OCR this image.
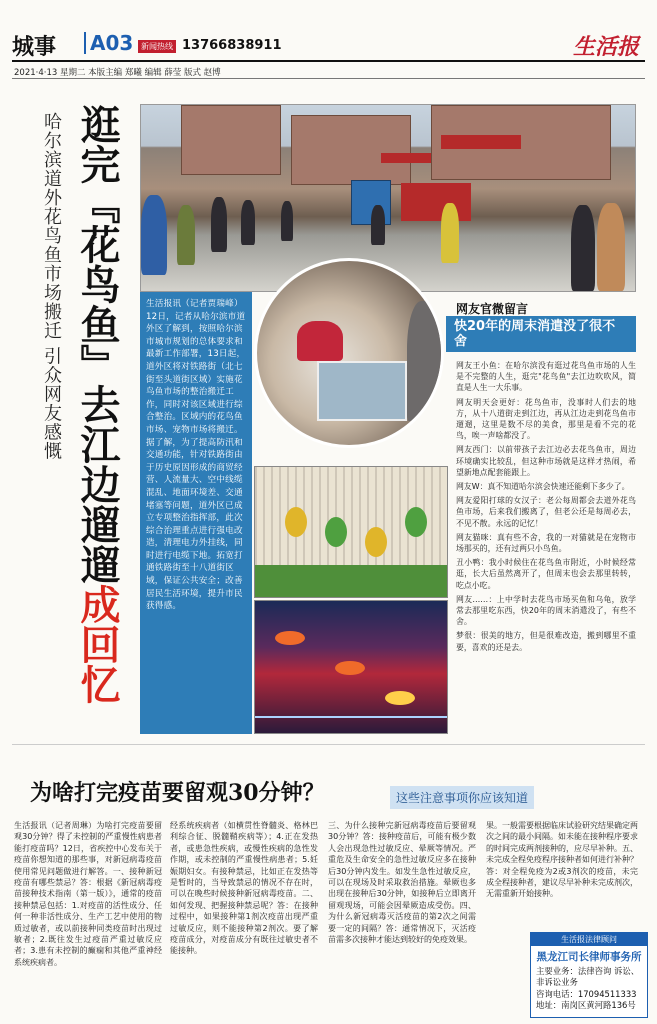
城事	A03 新闻热线 13766838911	生活报
2021·4·13 星期二 本版主编 郑曦 编辑 薛莹 版式 赵博
哈尔滨道外花鸟鱼市场搬迁 引众网友感慨 逛完『花鸟鱼』去江边遛遛成回忆

生活报讯（记者贾瑞峰）12日，记者从哈尔滨市道外区了解到，按照哈尔滨市城市规划的总体要求和最新工作部署，13日起，道外区将对铁路街（北七街至头道街区域）实施花鸟鱼市场的整治搬迁工作，同时对该区域进行综合整治。区域内的花鸟鱼市场、宠物市场将搬迁。据了解，为了提高防汛和交通功能，针对铁路街由于历史原因形成的商贸经营、人流量大、空中线缆混乱、地面环境差、交通堵塞等问题，道外区已成立专项整治指挥部，此次综合治理重点进行强电改造，清理电力外挂线，同时进行电缆下地。拓宽打通铁路街至十八道街区域，保证公共安全；改善居民生活环境，提升市民获得感。

网友官微留言
快20年的周末消遣没了很不舍

网友王小鱼：在哈尔滨没有逛过花鸟鱼市场的人生是不完整的人生，逛完"花鸟鱼"去江边吹吹风，简直是人生一大乐事。

网友明天会更好：花鸟鱼市，没事时人们去的地方，从十八道街走到江边，再从江边走到花鸟鱼市遛遛，这里是数不尽的美食，那里是看不完的花鸟，唉一声啥都没了。

网友西门：以前带孩子去江边必去花鸟鱼市，周边环境确实比较乱，但这种市场就是这样才热闹，希望新地点配套能跟上。

网友W：真不知道哈尔滨会快速还能剩下多少了。

网友爱阳打球的女汉子：老公每周都会去道外花鸟鱼市场，后来我们搬离了，但老公还是每周必去，不见不散。永远的记忆！

网友猫咪：真有些不舍，我的一对猫就是在宠物市场那买的，还有过两只小鸟鱼。

丑小鸭：我小时候住在花鸟鱼市附近，小时候经常逛，长大后虽然离开了，但周末也会去那里转转，吃点小吃。

网友……：上中学时去花鸟市场买鱼和乌龟，放学常去那里吃东西，快20年的周末消遣没了，有些不舍。

梦很：很美的地方，但是很难改造，搬到哪里不重要，喜欢的还是去。

为啥打完疫苗要留观30分钟？	这些注意事项你应该知道

生活报讯（记者周琳）为啥打完疫苗要留观30分钟？得了未控制的严重慢性病患者能打疫苗吗？12日，省疾控中心发布关于疫苗你想知道的那些事，对新冠病毒疫苗使用常见问题做进行解答。一、接种新冠疫苗有哪些禁忌？答：根据《新冠病毒疫苗接种技术指南（第一版）》，通常的疫苗接种禁忌包括：1.对疫苗的活性成分、任何一种非活性成分、生产工艺中使用的物质过敏者，或以前接种同类疫苗时出现过敏者；2.既往发生过疫苗严重过敏反应者；3.患有未控制的癫痫和其他严重神经系统疾病者。

经系统疾病者（如横贯性脊髓炎、格林巴利综合征、脱髓鞘疾病等）；4.正在发热者，或患急性疾病，或慢性疾病的急性发作期，或未控制的严重慢性病患者；5.妊娠期妇女。有接种禁忌，比如正在发热等是暂时的，当导致禁忌的情况不存在时，可以在晚些时候接种新冠病毒疫苗。二、如何发现、把握接种禁忌呢？答：在接种过程中，如果接种第1剂次疫苗出现严重过敏反应，则不能接种第2剂次。要了解疫苗成分，对疫苗成分有既往过敏史者不能接种。

三、为什么接种完新冠病毒疫苗后要留观30分钟？答：接种疫苗后，可能有极少数人会出现急性过敏反应、晕厥等情况。严重危及生命安全的急性过敏反应多在接种后30分钟内发生。如发生急性过敏反应，可以在现场及时采取救治措施。晕厥也多出现在接种后30分钟，如接种后立即离开留观现场，可能会因晕厥造成受伤。四、为什么新冠病毒灭活疫苗的第2次之间需要一定的间隔？答：通常情况下，灭活疫苗需多次接种才能达到较好的免疫效果。

果。一般需要根据临床试验研究结果确定两次之间的最小间隔。如未能在接种程序要求的时间完成两剂接种的，应尽早补种。五、未完成全程免疫程序接种者如何进行补种？答：对全程免疫为2或3剂次的疫苗，未完成全程接种者，建议尽早补种未完成剂次，无需重新开始接种。

生活报法律顾问
黑龙江司长律师事务所
主要业务：法律咨询 诉讼、非诉讼业务
咨询电话：17094511333
地址：南岗区黄河路136号
